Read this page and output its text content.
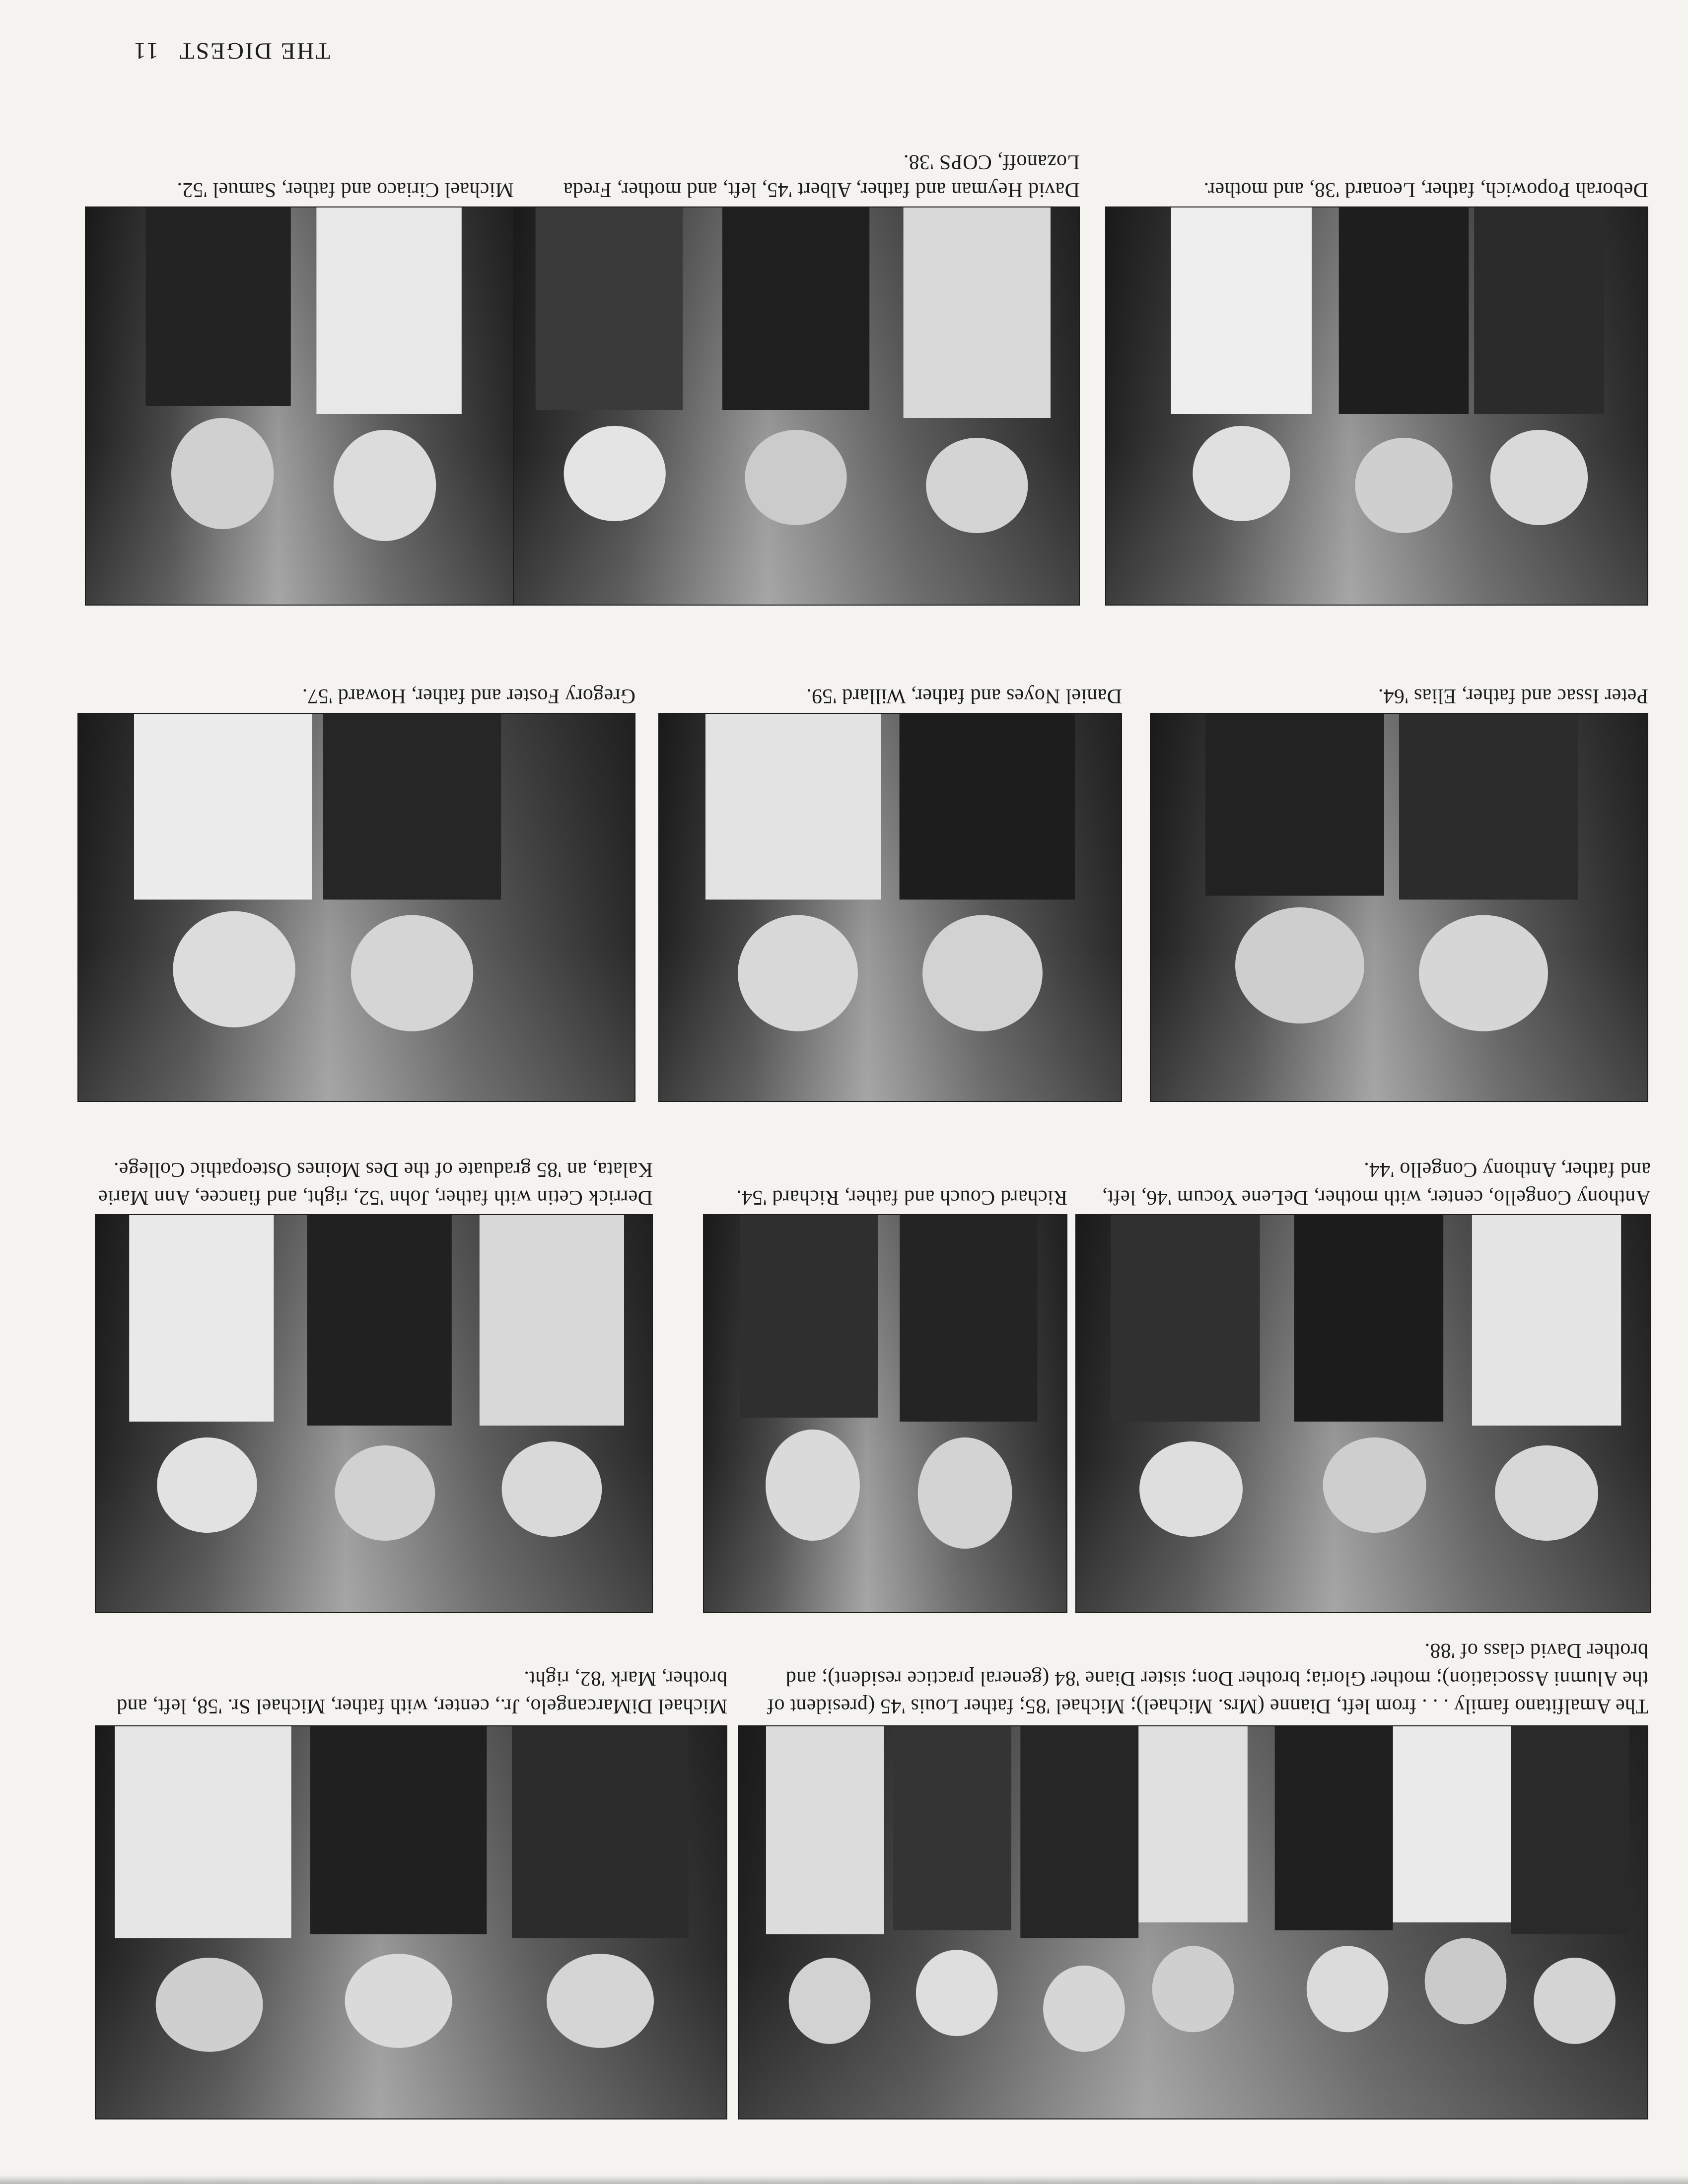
THE DIGEST11
Deborah Popowich, father, Leonard '38, and mother.
David Heyman and father, Albert '45, left, and mother, Freda Lozanoff, COPS '38.
Michael Ciriaco and father, Samuel '52.
Peter Issac and father, Elias '64.
Daniel Noyes and father, Willard '59.
Gregory Foster and father, Howard '57.
Anthony Congello, center, with mother, DeLene Yocum '46, left, and father, Anthony Congello '44.
Richard Couch and father, Richard '54.
Derrick Cetin with father, John '52, right, and fiancee, Ann Marie Kalata, an '85 graduate of the Des Moines Osteopathic College.
The Amalfitano family . . . from left, Dianne (Mrs. Michael); Michael '85; father Louis '45 (president of the Alumni Association); mother Gloria; brother Don; sister Diane '84 (general practice resident); and brother David class of '88.
Michael DiMarcangelo, Jr., center, with father, Michael Sr. '58, left, and brother, Mark '82, right.
